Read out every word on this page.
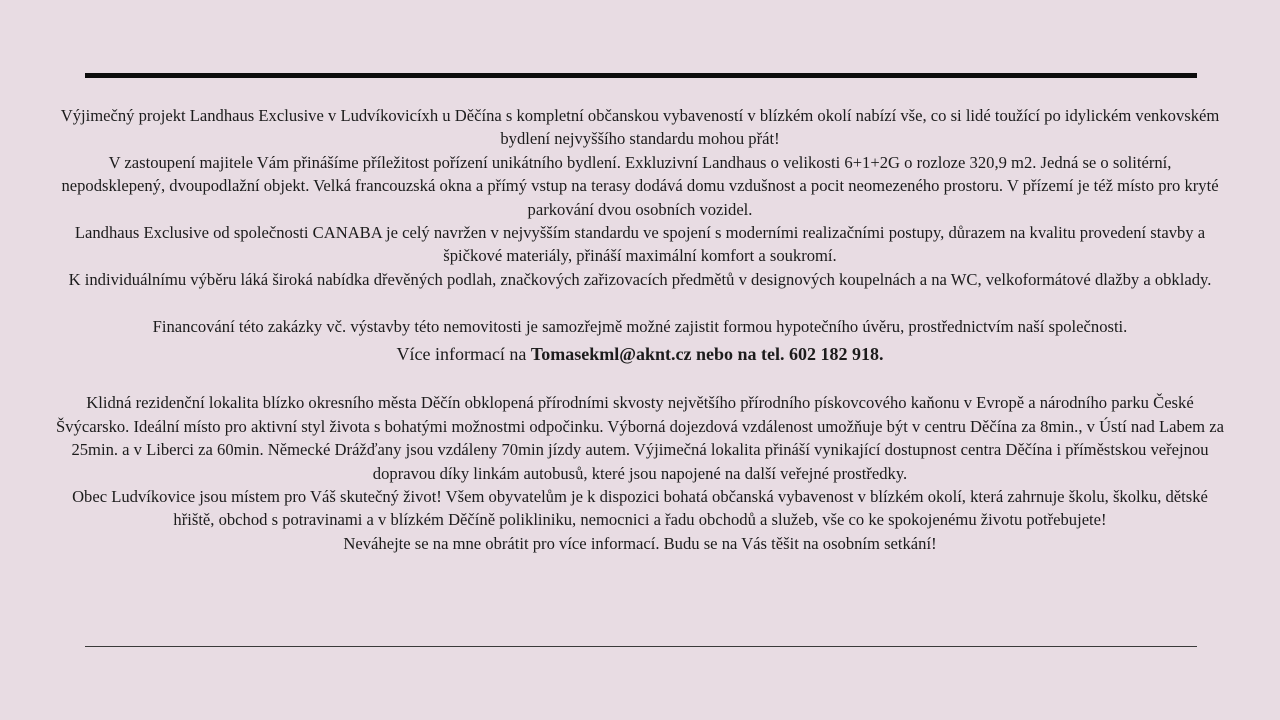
Výjimečný projekt Landhaus Exclusive v Ludvíkovicíxh u Děčína s kompletní občanskou vybaveností v blízkém okolí nabízí vše, co si lidé toužící po idylickém venkovském bydlení nejvyššího standardu mohou přát!

V zastoupení majitele Vám přinášíme příležitost pořízení unikátního bydlení. Exkluzivní Landhaus o velikosti 6+1+2G o rozloze 320,9 m2. Jedná se o solitérní, nepodsklepený, dvoupodlažní objekt. Velká francouzská okna a přímý vstup na terasy dodává domu vzdušnost a pocit neomezeného prostoru. V přízemí je též místo pro kryté parkování dvou osobních vozidel.

Landhaus Exclusive od společnosti CANABA je celý navržen v nejvyšším standardu ve spojení s moderními realizačními postupy, důrazem na kvalitu provedení stavby a špičkové materiály, přináší maximální komfort a soukromí.

K individuálnímu výběru láká široká nabídka dřevěných podlah, značkových zařizovacích předmětů v designových koupelnách a na WC, velkoformátové dlažby a obklady.

Financování této zakázky vč. výstavby této nemovitosti je samozřejmě možné zajistit formou hypotečního úvěru, prostřednictvím naší společnosti.

Více informací na Tomasekml@aknt.cz nebo na tel. 602 182 918.

Klidná rezidenční lokalita blízko okresního města Děčín obklopená přírodními skvosty největšího přírodního pískovcového kaňonu v Evropě a národního parku České Švýcarsko. Ideální místo pro aktivní styl života s bohatými možnostmi odpočinku. Výborná dojezdová vzdálenost umožňuje být v centru Děčína za 8min., v Ústí nad Labem za 25min. a v Liberci za 60min. Německé Drážďany jsou vzdáleny 70min jízdy autem. Výjimečná lokalita přináší vynikající dostupnost centra Děčína i příměstskou veřejnou dopravou díky linkám autobusů, které jsou napojené na další veřejné prostředky.

Obec Ludvíkovice jsou místem pro Váš skutečný život! Všem obyvatelům je k dispozici bohatá občanská vybavenost v blízkém okolí, která zahrnuje školu, školku, dětské hřiště, obchod s potravinami a v blízkém Děčíně polikliniku, nemocnici a řadu obchodů a služeb, vše co ke spokojenému životu potřebujete!

Neváhejte se na mne obrátit pro více informací. Budu se na Vás těšit na osobním setkání!
